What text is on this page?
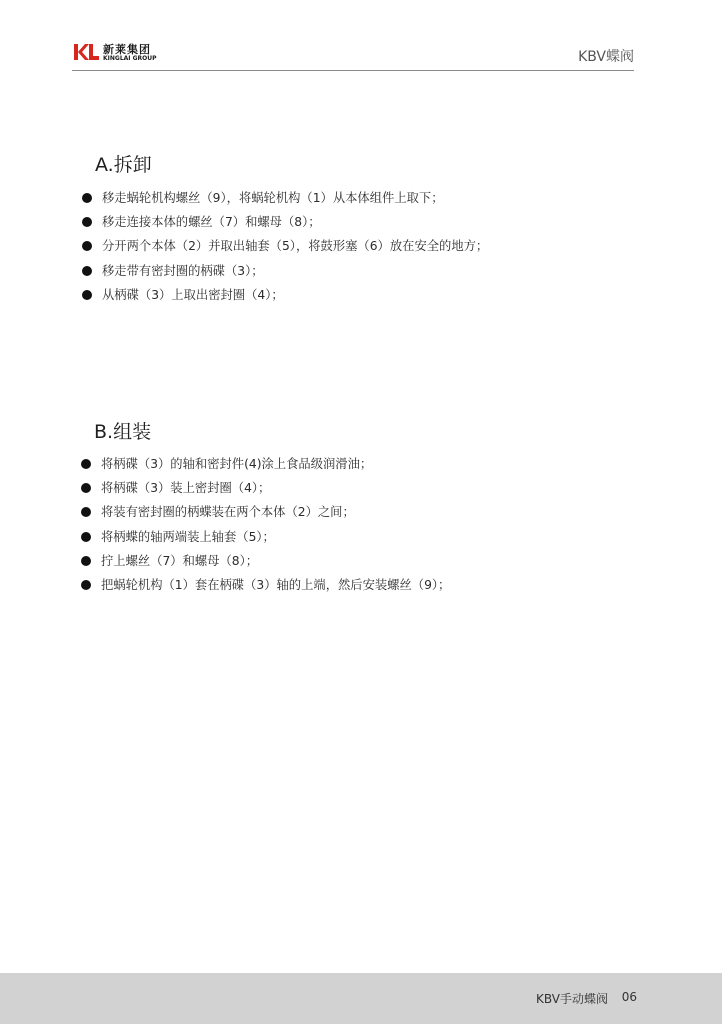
新莱集团
KINGLAI GROUP	KBV蝶阀
A.拆卸
移走蜗轮机构螺丝（9），将蜗轮机构（1）从本体组件上取下；
移走连接本体的螺丝（7）和螺母（8）；
分开两个本体（2）并取出轴套（5），将鼓形塞（6）放在安全的地方；
移走带有密封圈的柄碟（3）；
从柄碟（3）上取出密封圈（4）；
B.组装
将柄碟（3）的轴和密封件(4)涂上食品级润滑油；
将柄碟（3）装上密封圈（4）；
将装有密封圈的柄蝶装在两个本体（2）之间；
将柄蝶的轴两端装上轴套（5）；
拧上螺丝（7）和螺母（8）；
把蜗轮机构（1）套在柄碟（3）轴的上端，然后安装螺丝（9）；
KBV手动蝶阀 06
